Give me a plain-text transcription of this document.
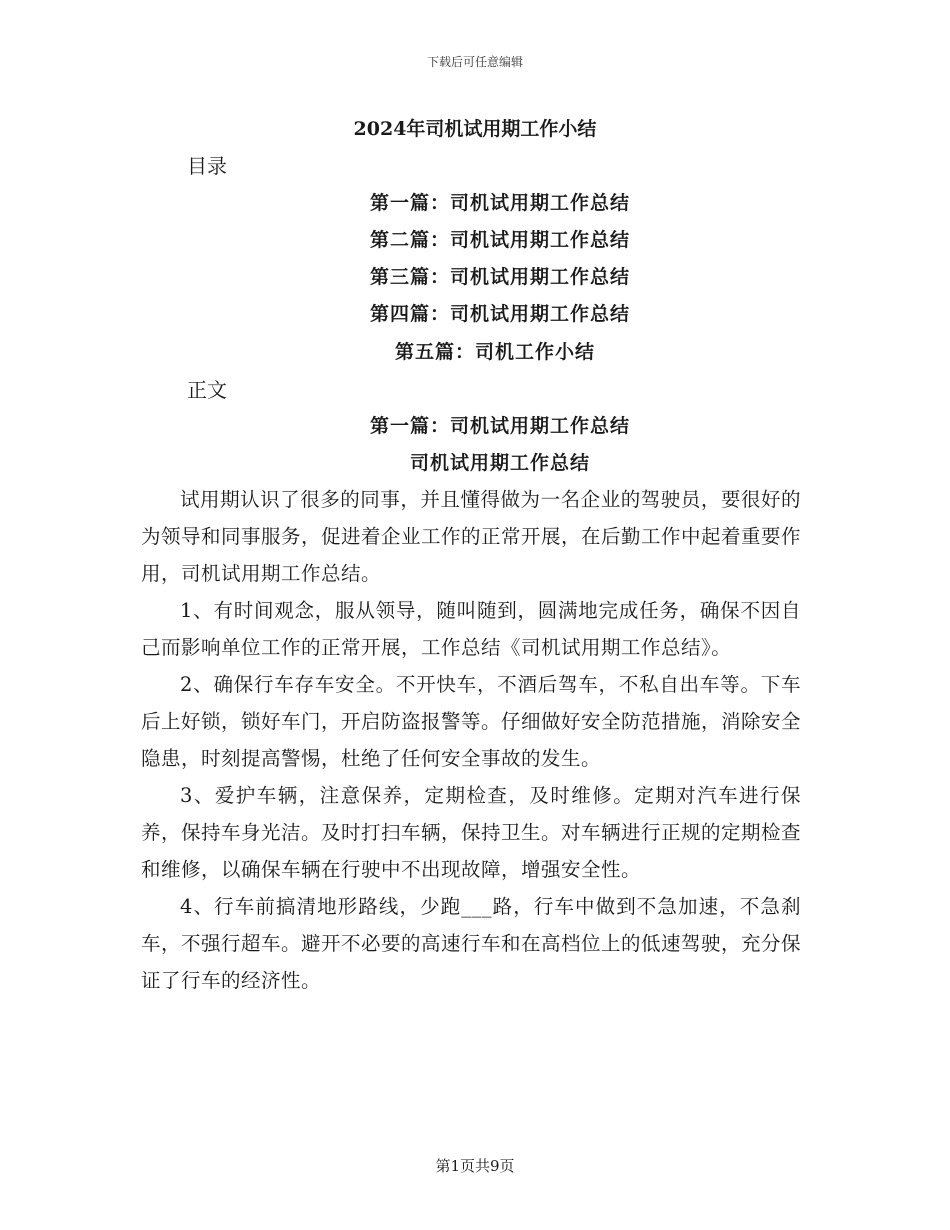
下载后可任意编辑
2024年司机试用期工作小结
目录
第一篇：司机试用期工作总结
第二篇：司机试用期工作总结
第三篇：司机试用期工作总结
第四篇：司机试用期工作总结
第五篇：司机工作小结
正文
第一篇：司机试用期工作总结
司机试用期工作总结

试用期认识了很多的同事，并且懂得做为一名企业的驾驶员，要很好的为领导和同事服务，促进着企业工作的正常开展，在后勤工作中起着重要作用，司机试用期工作总结。

1、有时间观念，服从领导，随叫随到，圆满地完成任务，确保不因自己而影响单位工作的正常开展，工作总结《司机试用期工作总结》。

2、确保行车存车安全。不开快车，不酒后驾车，不私自出车等。下车后上好锁，锁好车门，开启防盗报警等。仔细做好安全防范措施，消除安全隐患，时刻提高警惕，杜绝了任何安全事故的发生。

3、爱护车辆，注意保养，定期检查，及时维修。定期对汽车进行保养，保持车身光洁。及时打扫车辆，保持卫生。对车辆进行正规的定期检查和维修，以确保车辆在行驶中不出现故障，增强安全性。

4、行车前搞清地形路线，少跑___路，行车中做到不急加速，不急刹车，不强行超车。避开不必要的高速行车和在高档位上的低速驾驶，充分保证了行车的经济性。

第1页共9页
